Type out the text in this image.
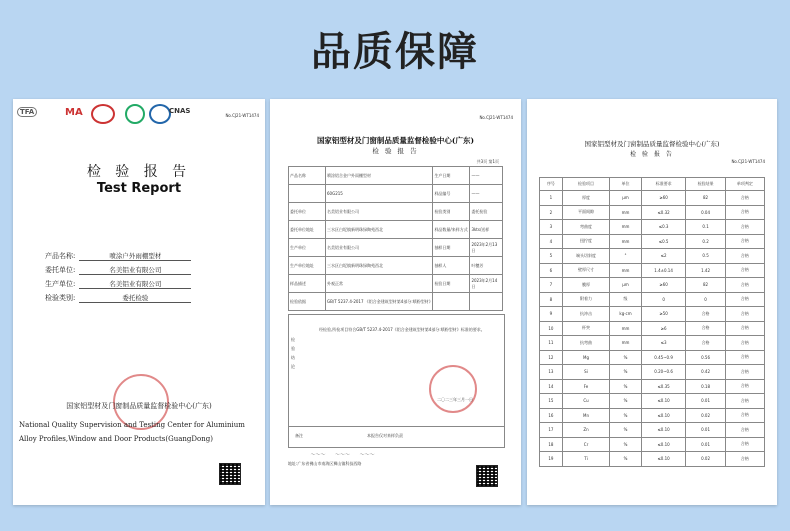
品质保障
TFA	MA	CNAS
No.CJ21-WT1474
检 验 报 告
Test Report
产品名称:	喷涂户外雨棚型材
委托单位:	名美铝业有限公司
生产单位:	名美铝业有限公司
检验类别:	委托检验
国家铝型材及门窗制品质量监督检验中心(广东)
National Quality Supervision and Testing Center for Aluminium
Alloy Profiles,Window and Door Products(GuangDong)
No.CJ21-WT1474
国家铝型材及门窗制品质量监督检验中心(广东)
检 验 报 告
共3页 第1页
产品名称	喷涂铝合金户外雨棚型材	生产日期	——
	60G215	样品编号	——
委托单位	名美铝业有限公司	检验类别	委托检验
委托单位地址	三水区白坭镇新明珠绿陶苑西北	样品数量/来样方式	3kts/送样
生产单位	名美铝业有限公司	抽样日期	2023年2月13日
生产单位地址	三水区白坭镇新明珠绿陶苑西北	抽样人	叶穗芳
样品描述	外观正常	检验日期	2023年2月14日
检验依据	GB/T 5237.4-2017 《铝合金建筑型材第4部分:喷粉型材》		
检
验
结
论
经检验,所检项目符合GB/T 5237.4-2017《铝合金建筑型材第4部分:喷粉型材》标准的要求。
二〇二三年三月一日
备注	本报告仅对来样负责
～～～      ～～～      ～～～
地址:广东省佛山市南海区狮山镇科技西路
国家铝型材及门窗制品质量监督检验中心(广东)
检 验 报 告
No.CJ21-WT1474
序号	检验项目	单位	标准要求	检验结果	单项判定
1	厚度	μm	≥60	82	合格
2	平面间隙	mm	≤0.32	0.04	合格
3	弯曲度	mm	≤0.3	0.1	合格
4	扭拧度	mm	≤0.5	0.2	合格
5	端头切斜度	°	≤2	0.5	合格
6	壁厚尺寸	mm	1.4±0.14	1.42	合格
7	膜厚	μm	≥60	82	合格
8	附着力	级	0	0	合格
9	抗冲击	kg·cm	≥50	合格	合格
10	杯突	mm	≥6	合格	合格
11	抗弯曲	mm	≤3	合格	合格
12	Mg	%	0.45~0.9	0.56	合格
13	Si	%	0.20~0.6	0.42	合格
14	Fe	%	≤0.35	0.18	合格
15	Cu	%	≤0.10	0.01	合格
16	Mn	%	≤0.10	0.02	合格
17	Zn	%	≤0.10	0.01	合格
18	Cr	%	≤0.10	0.01	合格
19	Ti	%	≤0.10	0.02	合格
